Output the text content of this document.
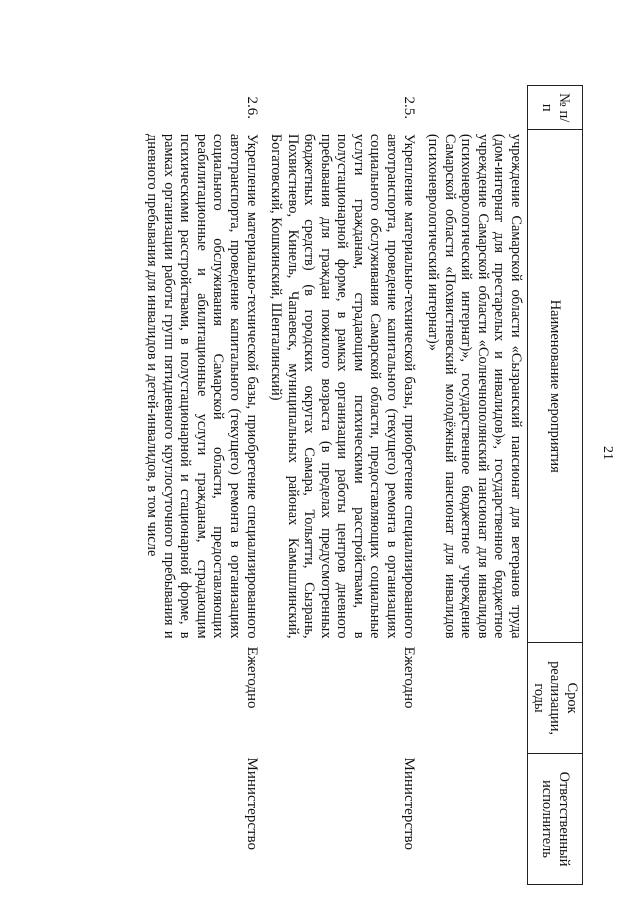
21
№ п/п	Наименование мероприятия	Срок реализации, годы	Ответственный исполнитель
	учреждение Самарской области «Сызранский пансионат для ветеранов труда (дом-интернат для престарелых и инвалидов)», государственное бюджетное учреждение Самарской области «Солнечнополянский пансионат для инвалидов (психоневрологический интернат)», государственное бюджетное учреждение Самарской области «Похвистневский молодёжный пансионат для инвалидов (психоневрологический интернат)»		
2.5.	Укрепление материально-технической базы, приобретение специализированного автотранспорта, проведение капитального (текущего) ремонта в организациях социального обслуживания Самарской области, предоставляющих социальные услуги гражданам, страдающим психическими расстройствами, в полустационарной форме, в рамках организации работы центров дневного пребывания для граждан пожилого возраста (в пределах предусмотренных бюджетных средств) (в городских округах Самара, Тольятти, Сызрань, Похвистнево, Кинель, Чапаевск, муниципальных районах Камышлинский, Богатовский, Кошкинский, Шенталинский)	Ежегодно	Министерство
2.6.	Укрепление материально-технической базы, приобретение специализированного автотранспорта, проведение капитального (текущего) ремонта в организациях социального обслуживания Самарской области, предоставляющих реабилитационные и абилитационные услуги гражданам, страдающим психическими расстройствами, в полустационарной и стационарной форме, в рамках организации работы групп пятидневного круглосуточного пребывания и дневного пребывания для инвалидов и детей-инвалидов, в том числе	Ежегодно	Министерство
